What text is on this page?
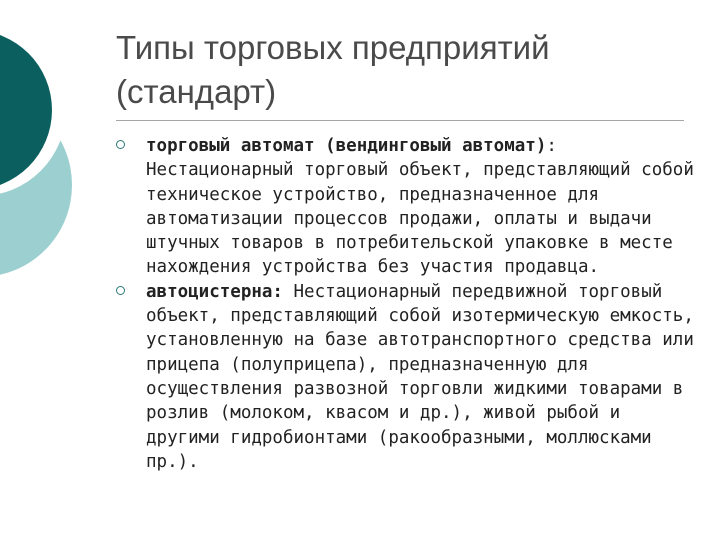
Типы торговых предприятий
(стандарт)
торговый автомат (вендинговый автомат): Нестационарный торговый объект, представляющий собой техническое устройство, предназначенное для автоматизации процессов продажи, оплаты и выдачи штучных товаров в потребительской упаковке в месте нахождения устройства без участия продавца.
автоцистерна: Нестационарный передвижной торговый объект, представляющий собой изотермическую емкость, установленную на базе автотранспортного средства или прицепа (полуприцепа), предназначенную для осуществления развозной торговли жидкими товарами в розлив (молоком, квасом и др.), живой рыбой и другими гидробионтами (ракообразными, моллюсками пр.).
